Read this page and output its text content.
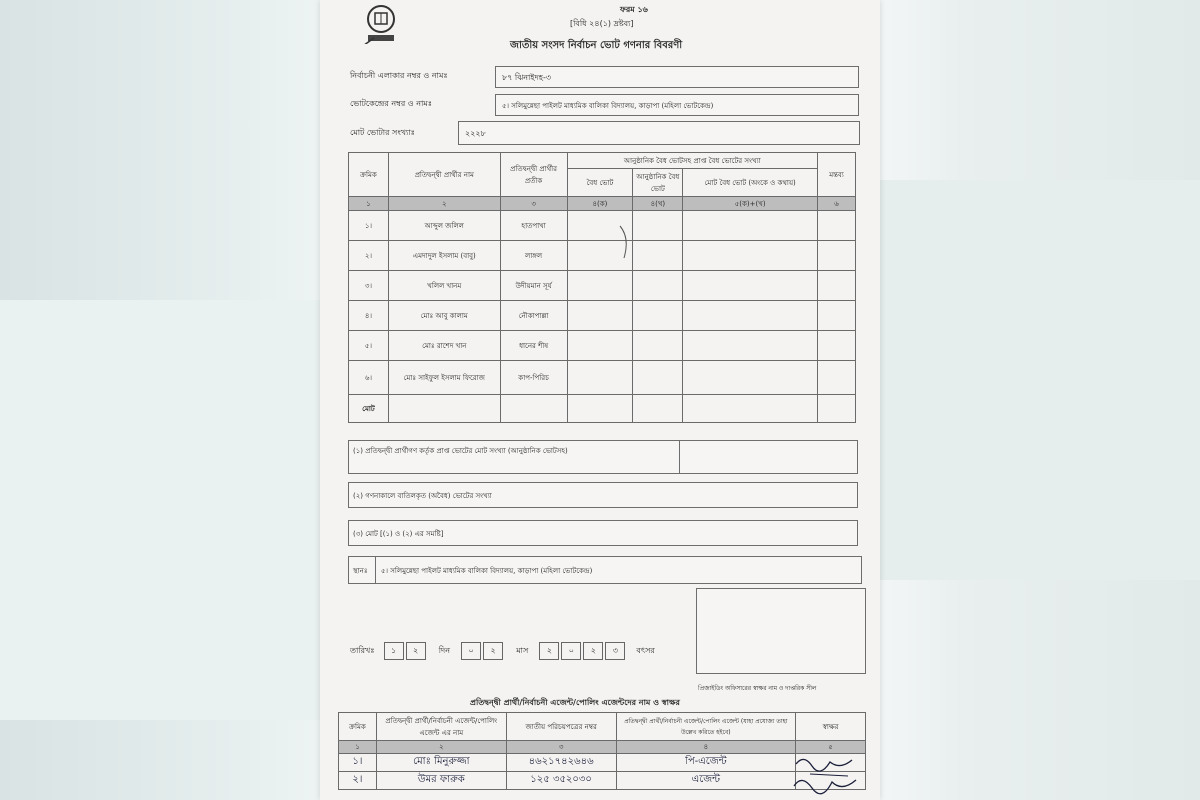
ফরম ১৬
[বিধি ২৪(১) দ্রষ্টব্য]
জাতীয় সংসদ নির্বাচন ভোট গণনার বিবরণী
নির্বাচনী এলাকার নম্বর ও নামঃ	৮৭ ঝিনাইদহ-৩
ভোটকেন্দ্রের নম্বর ও নামঃ	৫। সলিমুন্নেছা পাইলট মাধ্যমিক বালিকা বিদ্যালয়, কাড়াপা (মহিলা ভোটকেন্দ্র)
মোট ভোটার সংখ্যাঃ	২২২৮
ক্রমিক	প্রতিদ্বন্দ্বী প্রার্থীর নাম	প্রতিদ্বন্দ্বী প্রার্থীর প্রতীক	আনুষ্ঠানিক বৈধ ভোটসহ প্রাপ্ত বৈধ ভোটের সংখ্যা			মন্তব্য
			বৈধ ভোট	আনুষ্ঠানিক বৈধ ভোট	মোট বৈধ ভোট (অংকে ও কথায়)	
১	২	৩	৪(ক)	৪(খ)	৫(ক)+(খ)	৬
১।	আব্দুল জলিল	হাতপাখা				
২।	এমদাদুল ইসলাম (বাবু)	লাঙ্গল				
৩।	খলিল খানম	উদীয়মান সূর্য				
৪।	মোঃ আবু কালাম	নৌকাপাল্লা				
৫।	মোঃ রাশেদ খান	ধানের শীষ				
৬।	মোঃ সাইফুল ইসলাম ফিরোজ	কাপ-পিরিচ				
মোট						
(১) প্রতিদ্বন্দ্বী প্রার্থীগণ কর্তৃক প্রাপ্ত ভোটের মোট সংখ্যা (আনুষ্ঠানিক ভোটসহ)
(২) গণনাকালে বাতিলকৃত (অবৈধ) ভোটের সংখ্যা
(৩) মোট [(১) ও (২) এর সমষ্টি]
স্থানঃ ৫। সলিমুন্নেছা পাইলট মাধ্যমিক বালিকা বিদ্যালয়, কাড়াপা (মহিলা ভোটকেন্দ্র)
প্রিজাইডিং অফিসারের স্বাক্ষর নাম ও দাপ্তরিক সীল
তারিখঃ ১ ২	দিন ০ ২	মাস ২ ০ ২ ৩ বৎসর
প্রতিদ্বন্দ্বী প্রার্থী/নির্বাচনী এজেন্ট/পোলিং এজেন্টদের নাম ও স্বাক্ষর
ক্রমিক	প্রতিদ্বন্দ্বী প্রার্থী/নির্বাচনী এজেন্ট/পোলিং এজেন্ট এর নাম	জাতীয় পরিচয়পত্রের নম্বর	প্রতিদ্বন্দ্বী প্রার্থী/নির্বাচনী এজেন্ট/পোলিং এজেন্ট (যাহা প্রযোজ্য তাহা উল্লেখ করিতে হইবে)	স্বাক্ষর
১	২	৩	৪	৫
১।	মোঃ মিনুরুজ্জা	৪৬২১৭৪২৬৪৬	পি-এজেন্ট	
২।	উমর ফারুক	১২৫ ৩৫২০৩০	এজেন্ট	
